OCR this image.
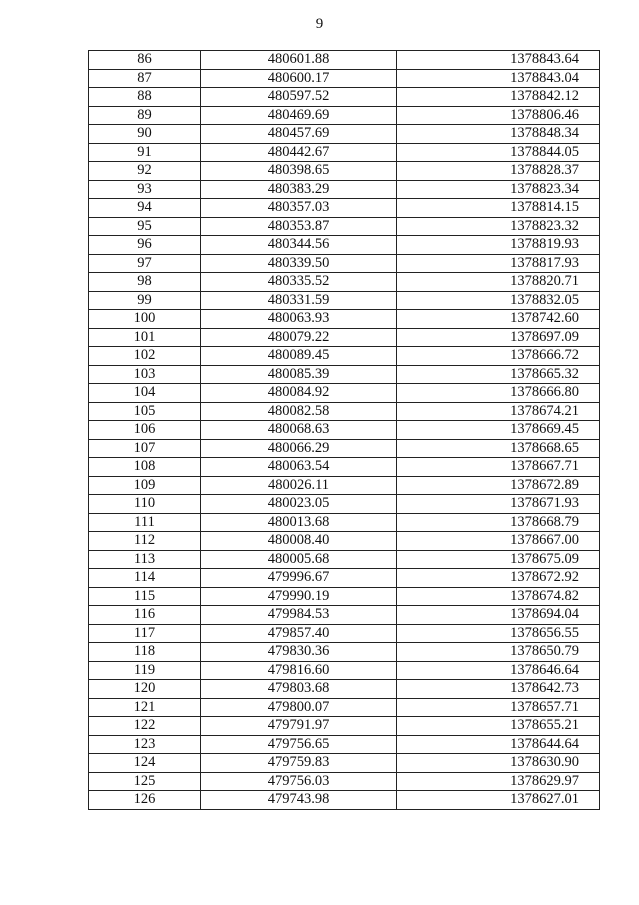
9
86	480601.88	1378843.64
87	480600.17	1378843.04
88	480597.52	1378842.12
89	480469.69	1378806.46
90	480457.69	1378848.34
91	480442.67	1378844.05
92	480398.65	1378828.37
93	480383.29	1378823.34
94	480357.03	1378814.15
95	480353.87	1378823.32
96	480344.56	1378819.93
97	480339.50	1378817.93
98	480335.52	1378820.71
99	480331.59	1378832.05
100	480063.93	1378742.60
101	480079.22	1378697.09
102	480089.45	1378666.72
103	480085.39	1378665.32
104	480084.92	1378666.80
105	480082.58	1378674.21
106	480068.63	1378669.45
107	480066.29	1378668.65
108	480063.54	1378667.71
109	480026.11	1378672.89
110	480023.05	1378671.93
111	480013.68	1378668.79
112	480008.40	1378667.00
113	480005.68	1378675.09
114	479996.67	1378672.92
115	479990.19	1378674.82
116	479984.53	1378694.04
117	479857.40	1378656.55
118	479830.36	1378650.79
119	479816.60	1378646.64
120	479803.68	1378642.73
121	479800.07	1378657.71
122	479791.97	1378655.21
123	479756.65	1378644.64
124	479759.83	1378630.90
125	479756.03	1378629.97
126	479743.98	1378627.01
